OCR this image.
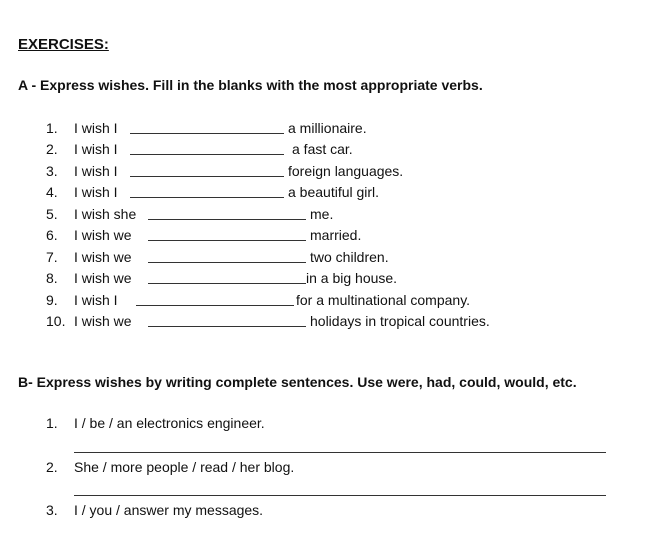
EXERCISES:
A - Express wishes. Fill in the blanks with the most appropriate verbs.
1. I wish I	a millionaire.
2. I wish I	a fast car.
3. I wish I	foreign languages.
4. I wish I	a beautiful girl.
5. I wish she	me.
6. I wish we	married.
7. I wish we	two children.
8. I wish we	in a big house.
9. I wish I	for a multinational company.
10. I wish we	holidays in tropical countries.
B- Express wishes by writing complete sentences. Use were, had, could, would, etc.
1. I / be / an electronics engineer.
2. She / more people / read / her blog.
3. I / you / answer my messages.
